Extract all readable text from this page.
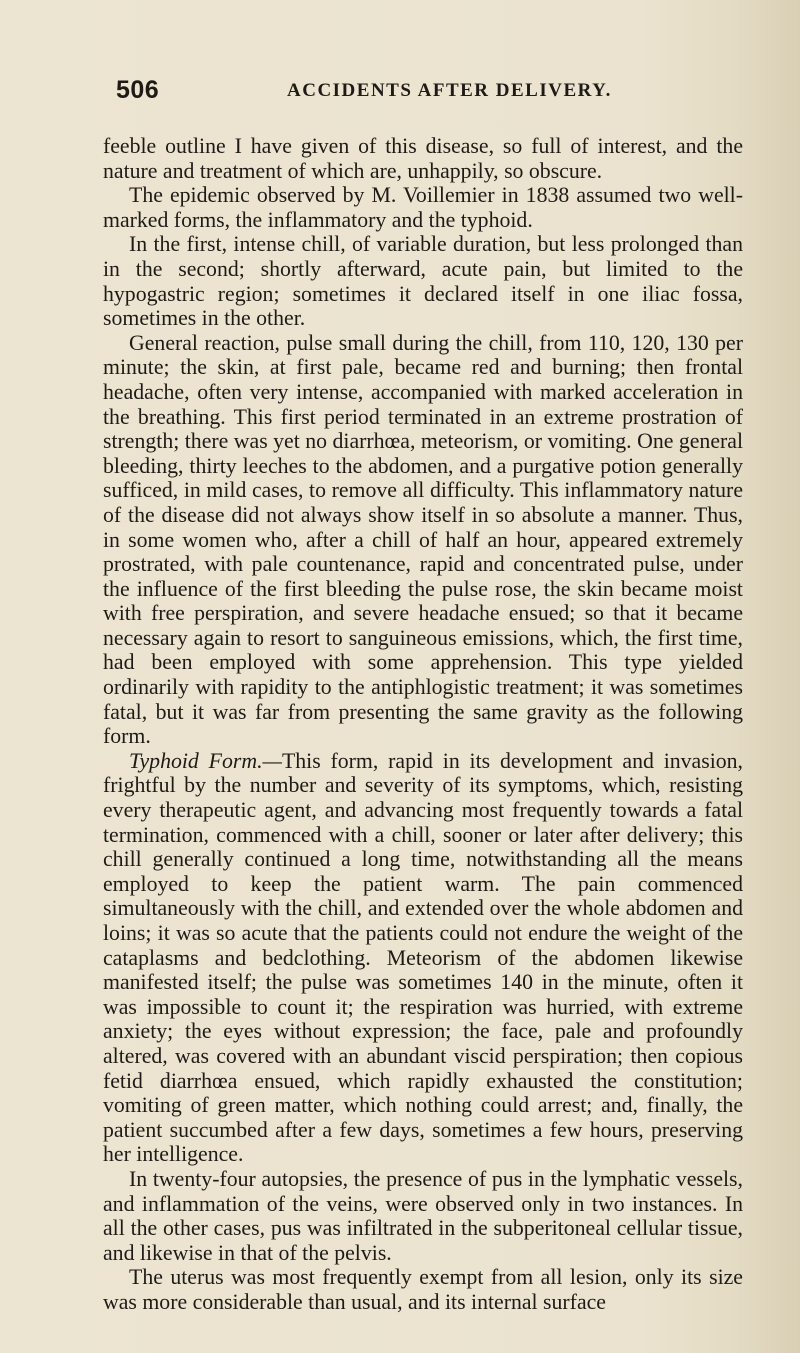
506	ACCIDENTS AFTER DELIVERY.

feeble outline I have given of this disease, so full of interest, and the nature and treatment of which are, unhappily, so obscure.

The epidemic observed by M. Voillemier in 1838 assumed two well-marked forms, the inflammatory and the typhoid.

In the first, intense chill, of variable duration, but less prolonged than in the second; shortly afterward, acute pain, but limited to the hypogastric region; sometimes it declared itself in one iliac fossa, sometimes in the other.

General reaction, pulse small during the chill, from 110, 120, 130 per minute; the skin, at first pale, became red and burning; then frontal headache, often very intense, accompanied with marked acceleration in the breathing. This first period terminated in an extreme prostration of strength; there was yet no diarrhœa, meteorism, or vomiting. One general bleeding, thirty leeches to the abdomen, and a purgative potion generally sufficed, in mild cases, to remove all difficulty. This inflammatory nature of the disease did not always show itself in so absolute a manner. Thus, in some women who, after a chill of half an hour, appeared extremely prostrated, with pale countenance, rapid and concentrated pulse, under the influence of the first bleeding the pulse rose, the skin became moist with free perspiration, and severe headache ensued; so that it became necessary again to resort to sanguineous emissions, which, the first time, had been employed with some apprehension. This type yielded ordinarily with rapidity to the antiphlogistic treatment; it was sometimes fatal, but it was far from presenting the same gravity as the following form.

Typhoid Form.—This form, rapid in its development and invasion, frightful by the number and severity of its symptoms, which, resisting every therapeutic agent, and advancing most frequently towards a fatal termination, commenced with a chill, sooner or later after delivery; this chill generally continued a long time, notwithstanding all the means employed to keep the patient warm. The pain commenced simultaneously with the chill, and extended over the whole abdomen and loins; it was so acute that the patients could not endure the weight of the cataplasms and bedclothing. Meteorism of the abdomen likewise manifested itself; the pulse was sometimes 140 in the minute, often it was impossible to count it; the respiration was hurried, with extreme anxiety; the eyes without expression; the face, pale and profoundly altered, was covered with an abundant viscid perspiration; then copious fetid diarrhœa ensued, which rapidly exhausted the constitution; vomiting of green matter, which nothing could arrest; and, finally, the patient succumbed after a few days, sometimes a few hours, preserving her intelligence.

In twenty-four autopsies, the presence of pus in the lymphatic vessels, and inflammation of the veins, were observed only in two instances. In all the other cases, pus was infiltrated in the subperitoneal cellular tissue, and likewise in that of the pelvis.

The uterus was most frequently exempt from all lesion, only its size was more considerable than usual, and its internal surface
